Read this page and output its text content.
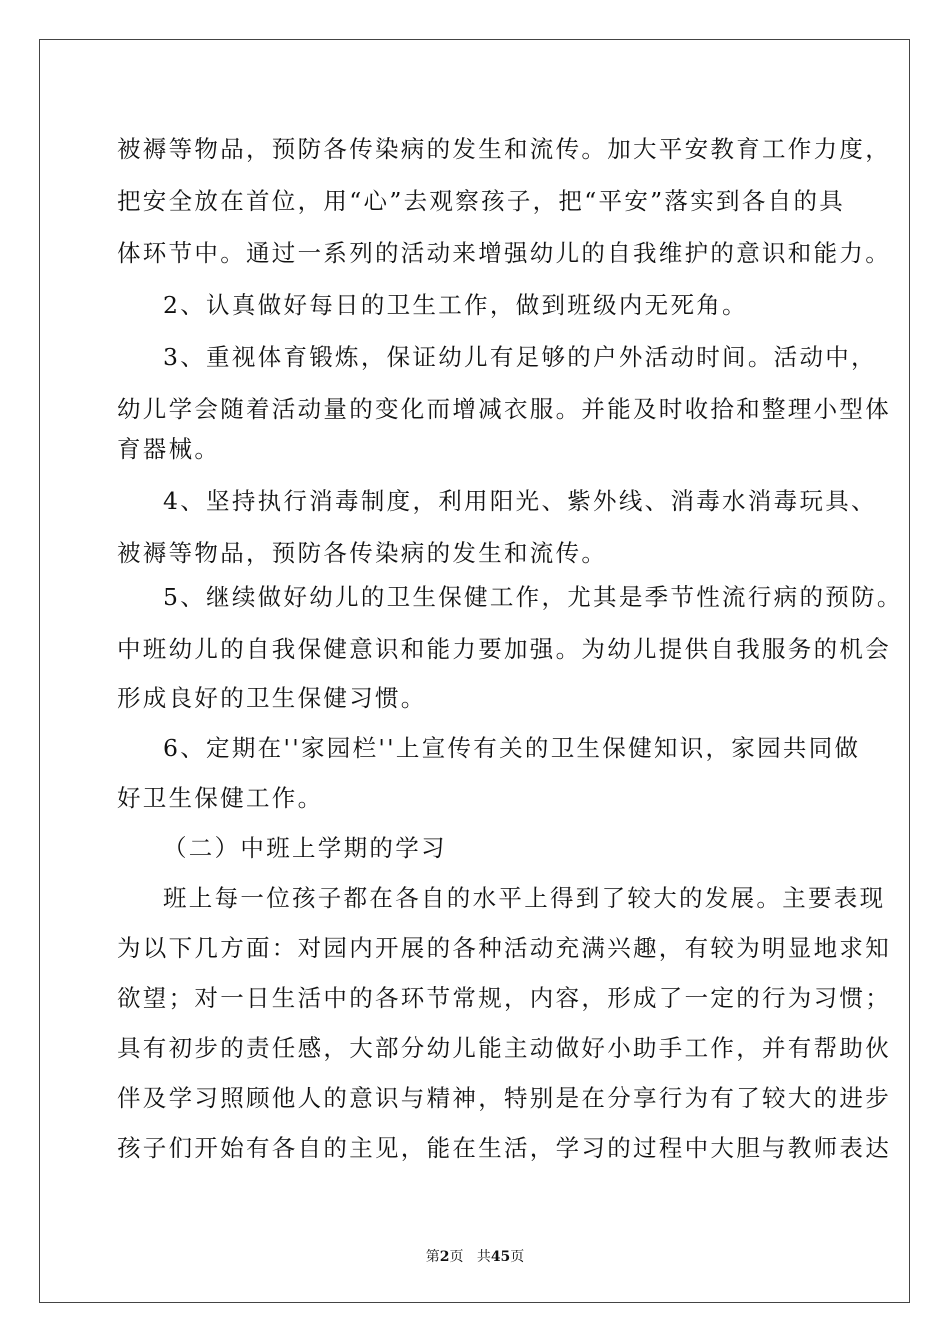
被褥等物品，预防各传染病的发生和流传。加大平安教育工作力度，
把安全放在首位，用“心”去观察孩子，把“平安”落实到各自的具
体环节中。通过一系列的活动来增强幼儿的自我维护的意识和能力。
2、认真做好每日的卫生工作，做到班级内无死角。
3、重视体育锻炼，保证幼儿有足够的户外活动时间。活动中，
幼儿学会随着活动量的变化而增减衣服。并能及时收拾和整理小型体
育器械。
4、坚持执行消毒制度，利用阳光、紫外线、消毒水消毒玩具、
被褥等物品，预防各传染病的发生和流传。
5、继续做好幼儿的卫生保健工作，尤其是季节性流行病的预防。
中班幼儿的自我保健意识和能力要加强。为幼儿提供自我服务的机会
形成良好的卫生保健习惯。
6、定期在''家园栏''上宣传有关的卫生保健知识，家园共同做
好卫生保健工作。
（二）中班上学期的学习
班上每一位孩子都在各自的水平上得到了较大的发展。主要表现
为以下几方面：对园内开展的各种活动充满兴趣，有较为明显地求知
欲望；对一日生活中的各环节常规，内容，形成了一定的行为习惯；
具有初步的责任感，大部分幼儿能主动做好小助手工作，并有帮助伙
伴及学习照顾他人的意识与精神，特别是在分享行为有了较大的进步
孩子们开始有各自的主见，能在生活，学习的过程中大胆与教师表达
第2页 共45页
